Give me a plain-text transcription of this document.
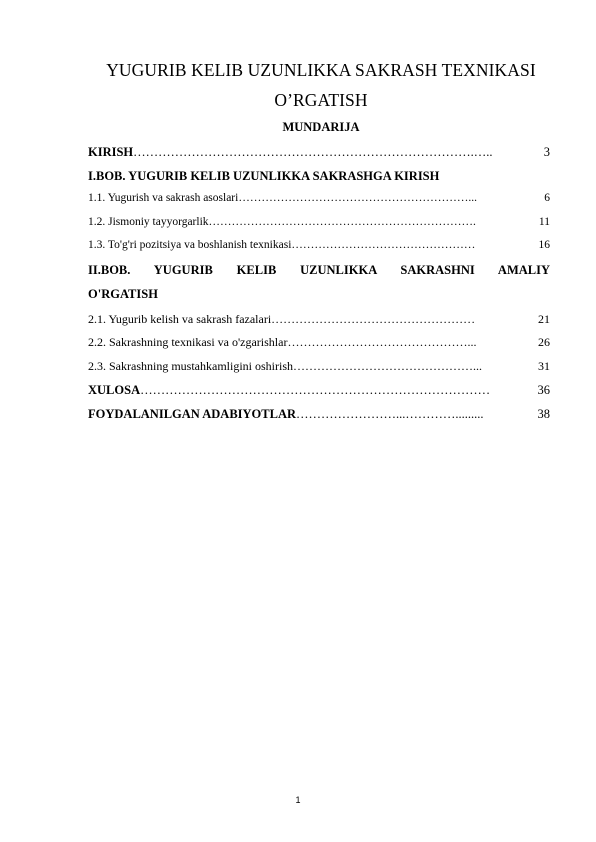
YUGURIB KELIB UZUNLIKKA SAKRASH TEXNIKASI
O’RGATISH
MUNDARIJA
KIRISH ……………………………………………………………………….…..	3
I.BOB. YUGURIB KELIB UZUNLIKKA SAKRASHGA KIRISH
1.1. Yugurish va sakrash asoslari ……………………………………………………...	6
1.2. Jismoniy tayyorgarlik …………………………………………………………….	11
1.3. To'g'ri pozitsiya va boshlanish texnikasi …………………………………………	16
II.BOB. YUGURIB KELIB UZUNLIKKA SAKRASHNI AMALIY
O'RGATISH
2.1. Yugurib kelish va sakrash fazalari ……………………………………………	21
2.2. Sakrashning texnikasi va o'zgarishlar ………………………………………...	26
2.3. Sakrashning mustahkamligini oshirish ………………………………………...	31
XULOSA …………………………………………………………………………	36
FOYDALANILGAN ADABIYOTLAR ……………………...………….........	38
1
